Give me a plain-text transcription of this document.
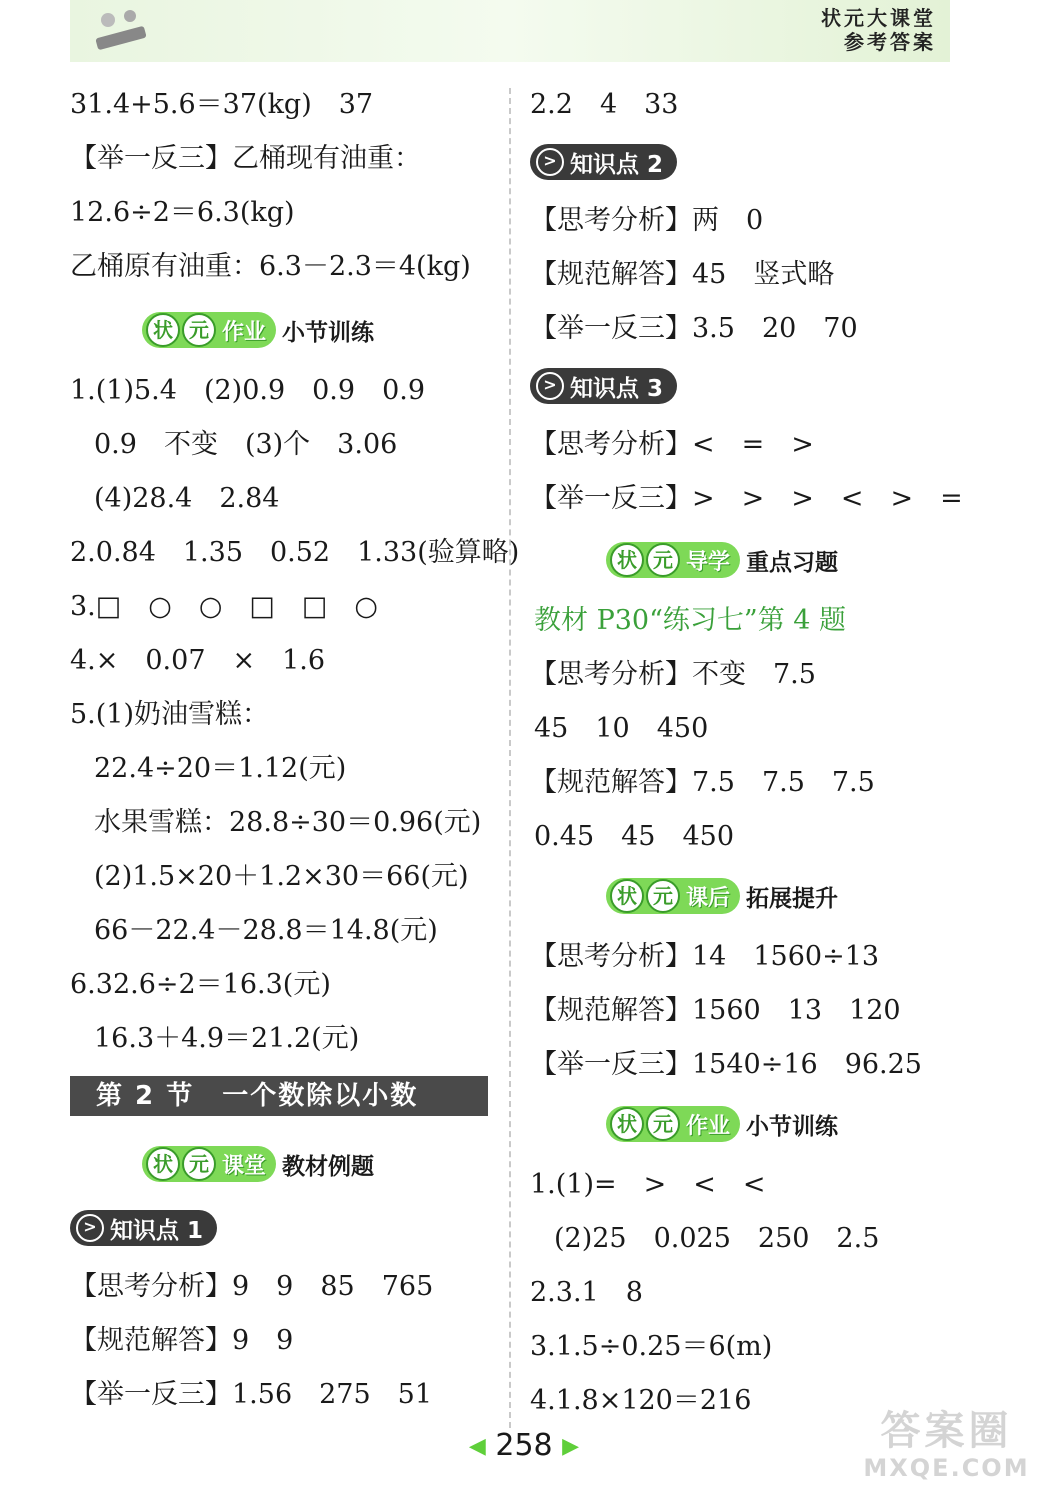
状元大课堂
参考答案
31.4+5.6＝37(kg)　37
【举一反三】乙桶现有油重：
12.6÷2＝6.3(kg)
乙桶原有油重：6.3－2.3＝4(kg)
状 元 作业 小节训练
1.(1)5.4　(2)0.9　0.9　0.9
0.9　不变　(3)个　3.06
(4)28.4　2.84
2.0.84　1.35　0.52　1.33(验算略)
3.□　○　○　□　□　○
4.×　0.07　×　1.6
5.(1)奶油雪糕：
22.4÷20＝1.12(元)
水果雪糕：28.8÷30＝0.96(元)
(2)1.5×20＋1.2×30＝66(元)
66－22.4－28.8＝14.8(元)
6.32.6÷2＝16.3(元)
16.3＋4.9＝21.2(元)
第 2 节　一个数除以小数
状 元 课堂 教材例题
> 知识点 1
【思考分析】9　9　85　765
【规范解答】9　9
【举一反三】1.56　275　51
2.2　4　33
> 知识点 2
【思考分析】两　0
【规范解答】45　竖式略
【举一反三】3.5　20　70
> 知识点 3
【思考分析】<　=　>
【举一反三】>　>　>　<　>　=
状 元 导学 重点习题
教材 P30“练习七”第 4 题
【思考分析】不变　7.5
45　10　450
【规范解答】7.5　7.5　7.5
0.45　45　450
状 元 课后 拓展提升
【思考分析】14　1560÷13
【规范解答】1560　13　120
【举一反三】1540÷16　96.25
状 元 作业 小节训练
1.(1)=　>　<　<
(2)25　0.025　250　2.5
2.3.1　8
3.1.5÷0.25＝6(m)
4.1.8×120＝216
◀ 258 ▶	答案圈
MXQE.COM
